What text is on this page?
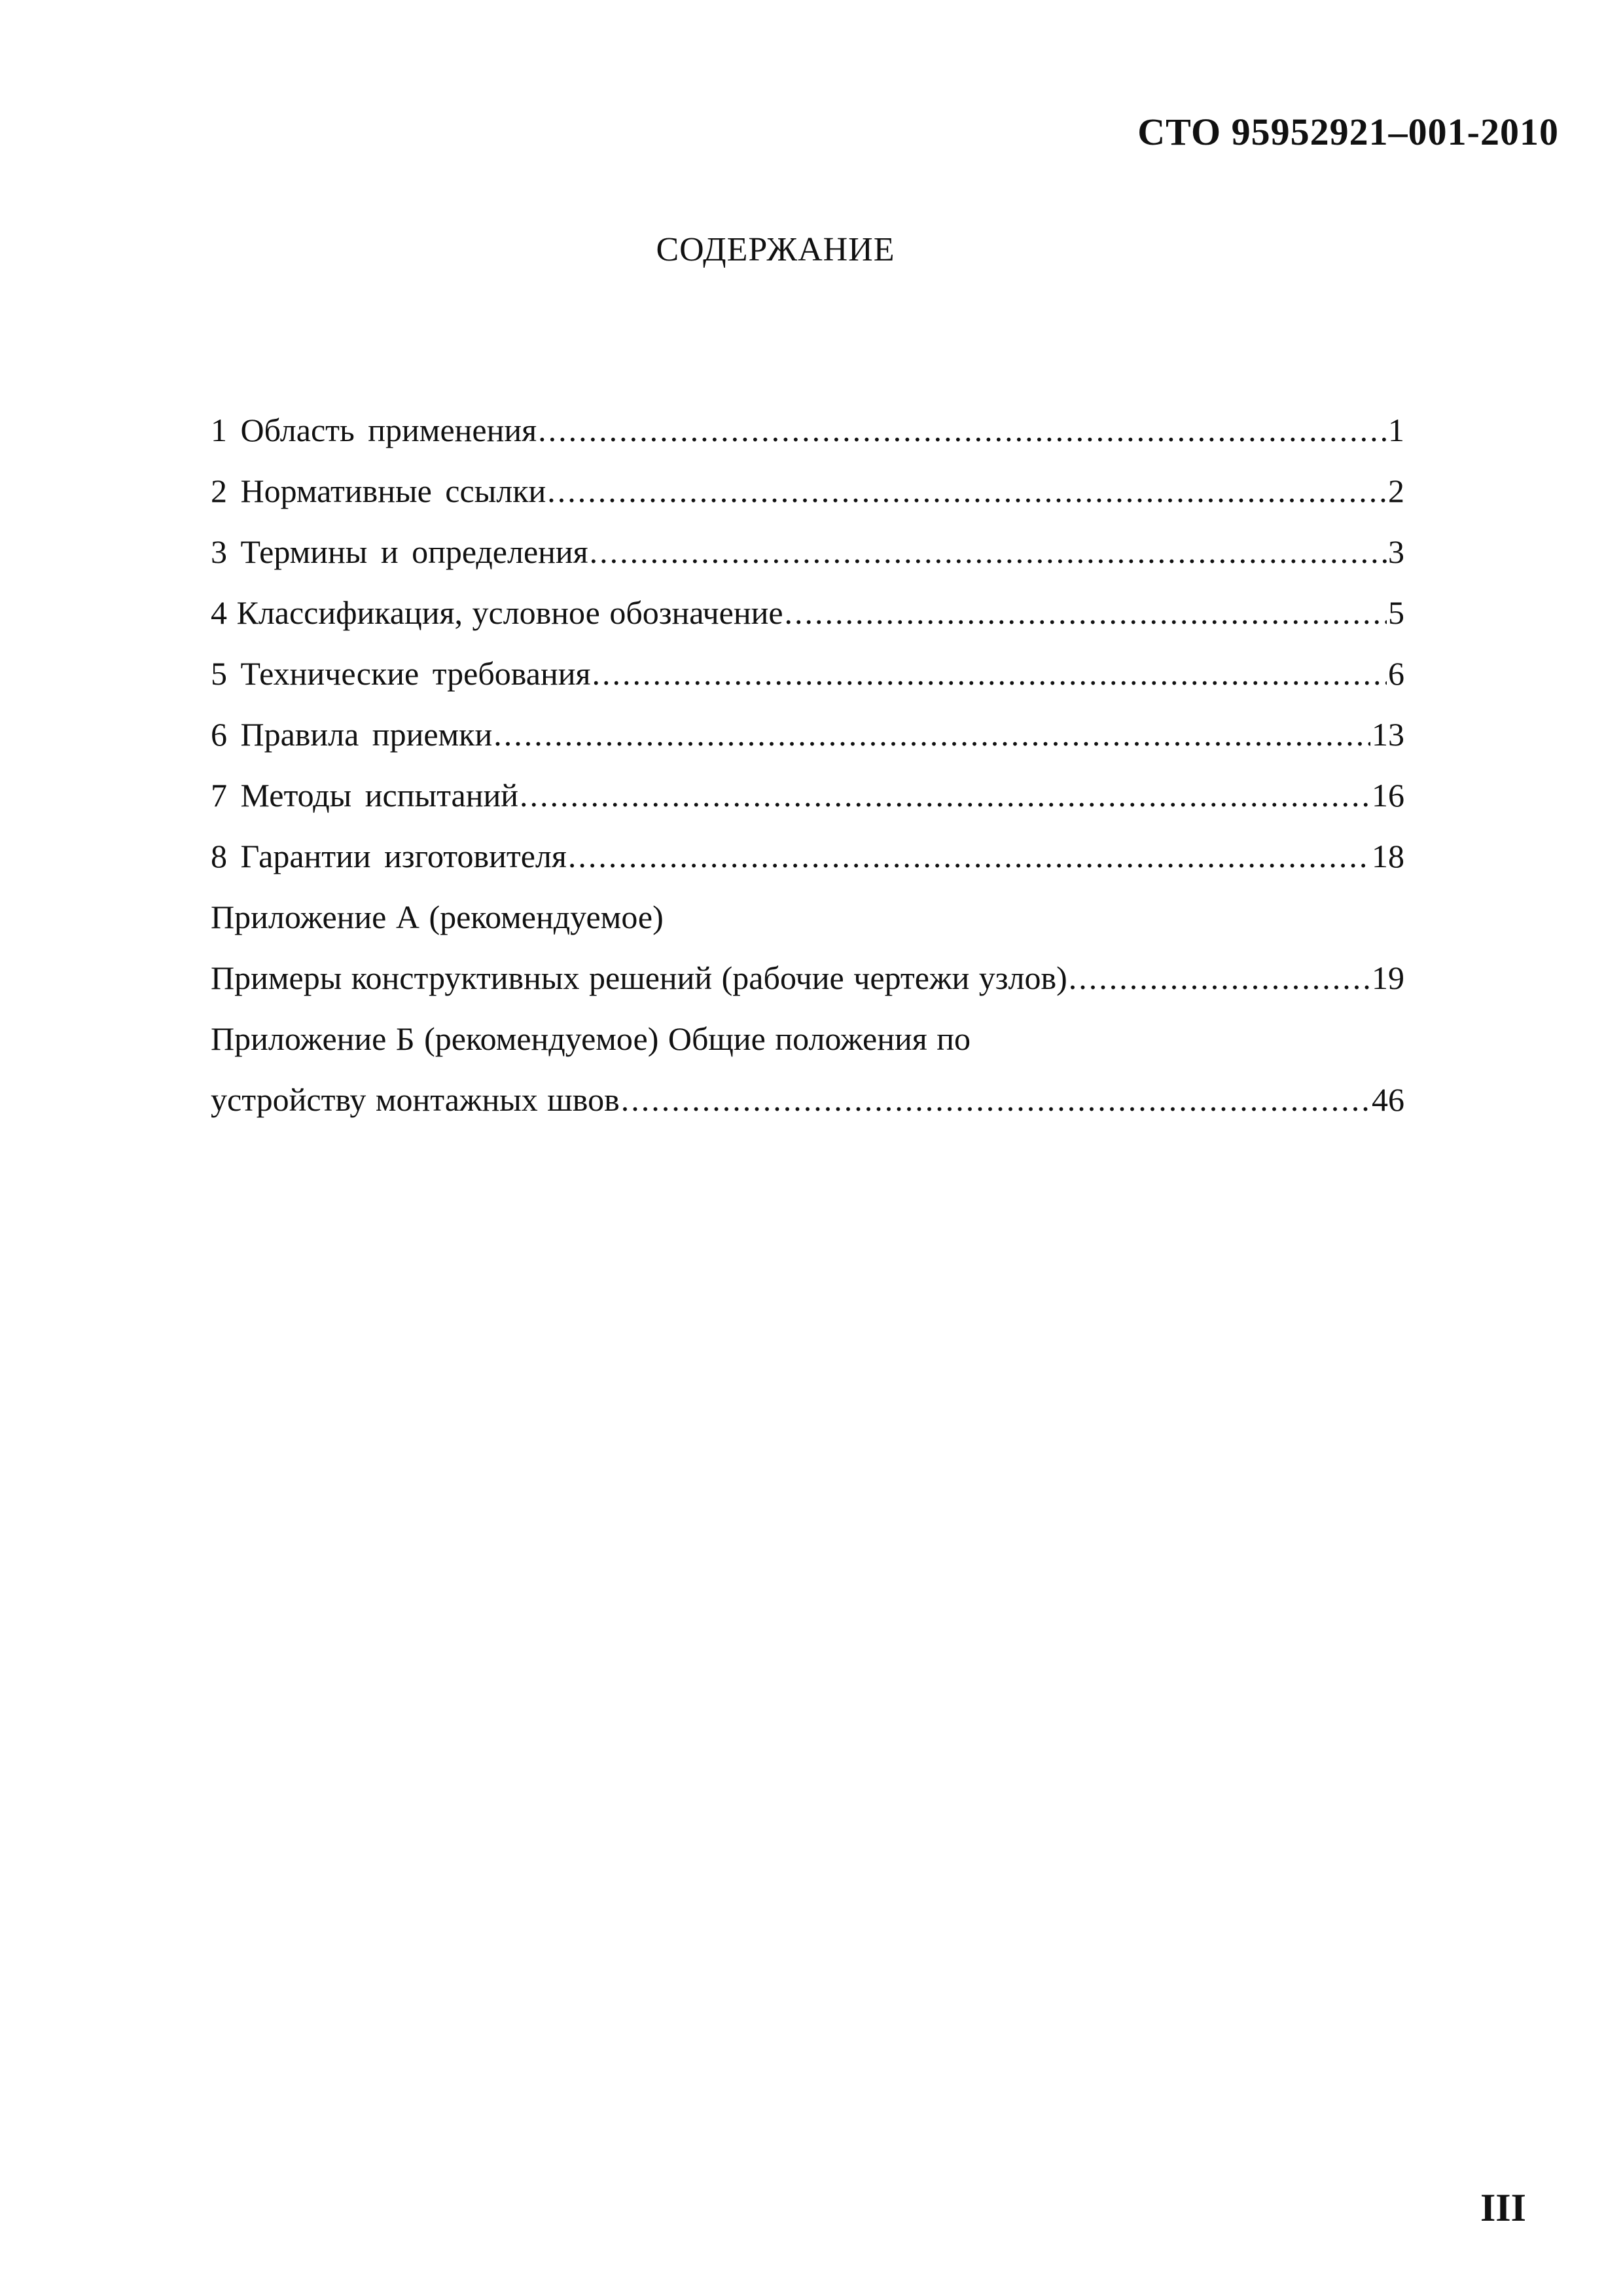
СТО 95952921–001-2010
СОДЕРЖАНИЕ
1 Область применения .....	1
2 Нормативные ссылки .....	2
3 Термины и определения .....	3
4 Классификация, условное обозначение .....	5
5 Технические требования .....	6
6 Правила приемки .....	13
7 Методы испытаний .....	16
8 Гарантии изготовителя .....	18
Приложение А (рекомендуемое)
Примеры конструктивных решений (рабочие чертежи узлов) .....	19
Приложение Б (рекомендуемое) Общие положения по
устройству монтажных швов .....	46
III
